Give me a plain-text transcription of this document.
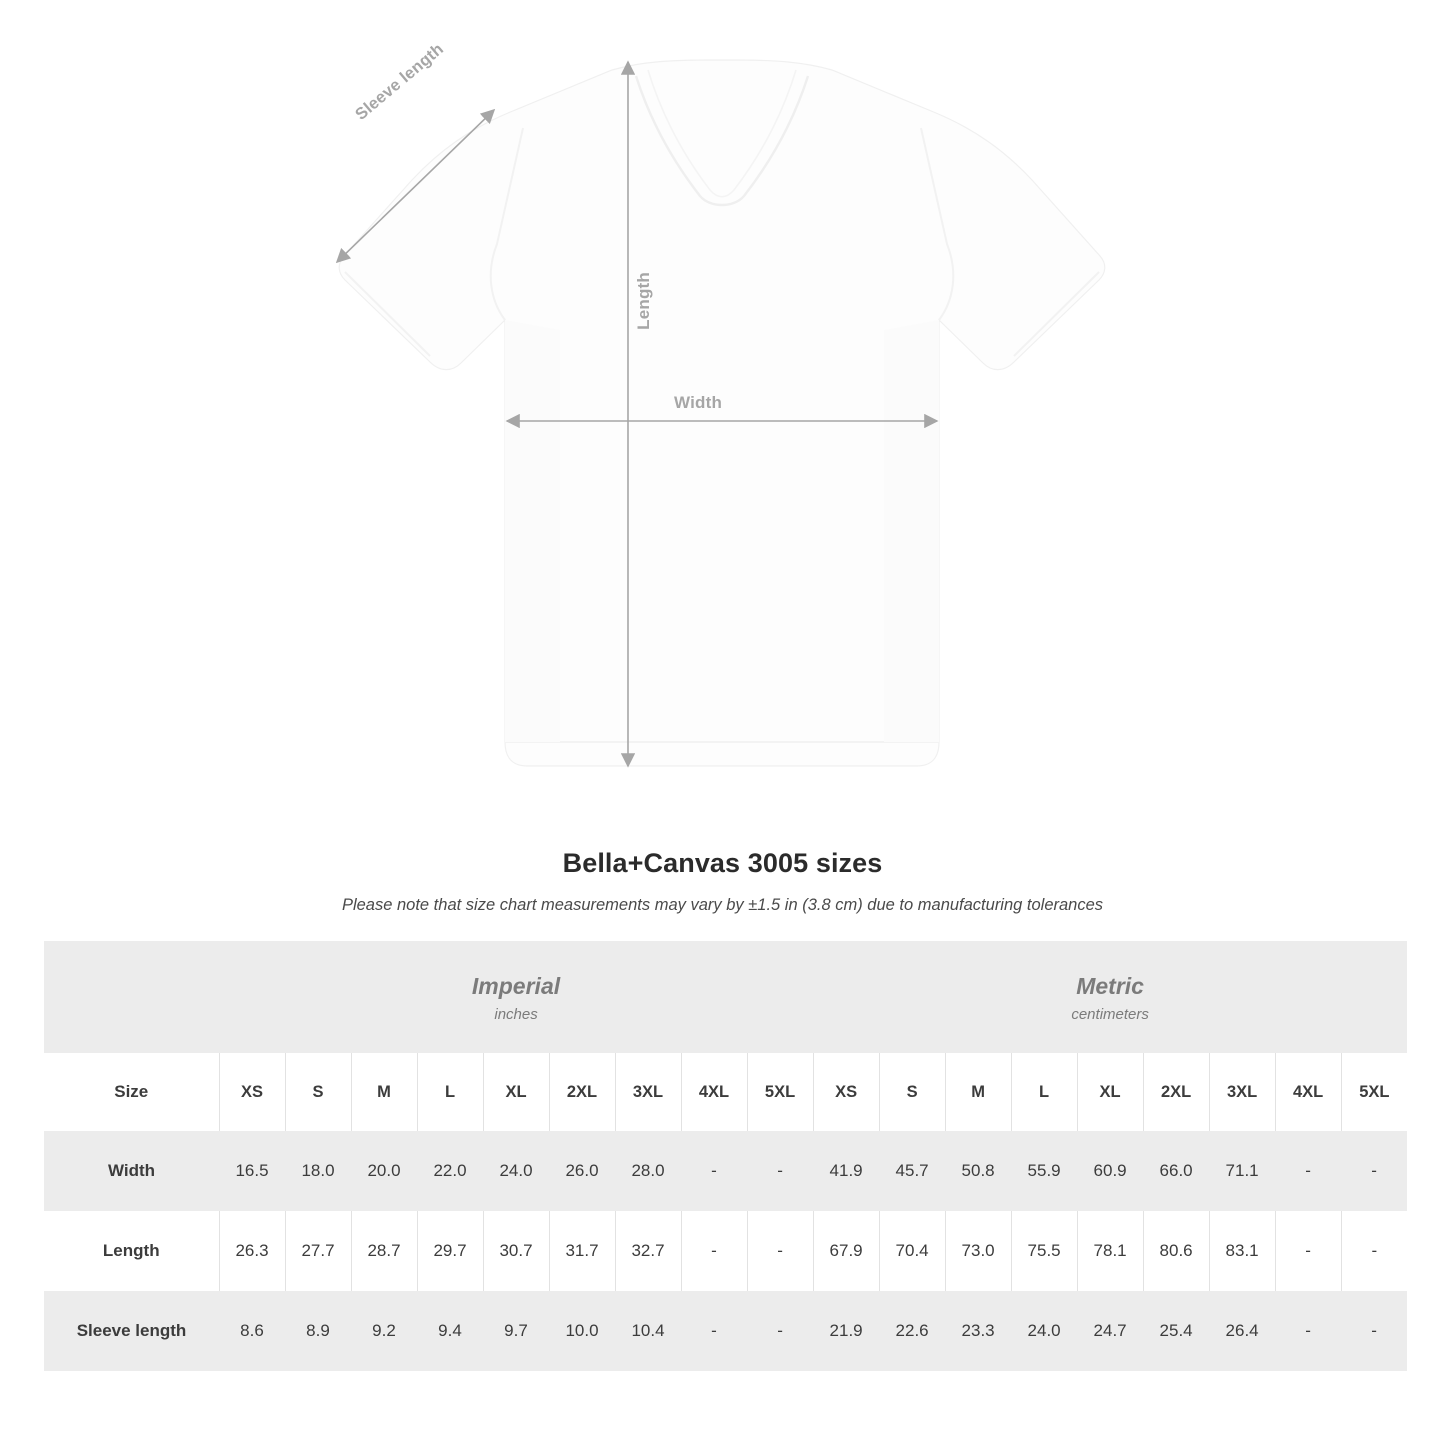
Sleeve length
Length
Width
Bella+Canvas 3005 sizes
Please note that size chart measurements may vary by ±1.5 in (3.8 cm) due to manufacturing tolerances

Imperial
inches

Metric
centimeters

Size	XS	S	M	L	XL	2XL	3XL	4XL	5XL	XS	S	M	L	XL	2XL	3XL	4XL	5XL
Width	16.5	18.0	20.0	22.0	24.0	26.0	28.0	-	-	41.9	45.7	50.8	55.9	60.9	66.0	71.1	-	-
Length	26.3	27.7	28.7	29.7	30.7	31.7	32.7	-	-	67.9	70.4	73.0	75.5	78.1	80.6	83.1	-	-
Sleeve length	8.6	8.9	9.2	9.4	9.7	10.0	10.4	-	-	21.9	22.6	23.3	24.0	24.7	25.4	26.4	-	-
